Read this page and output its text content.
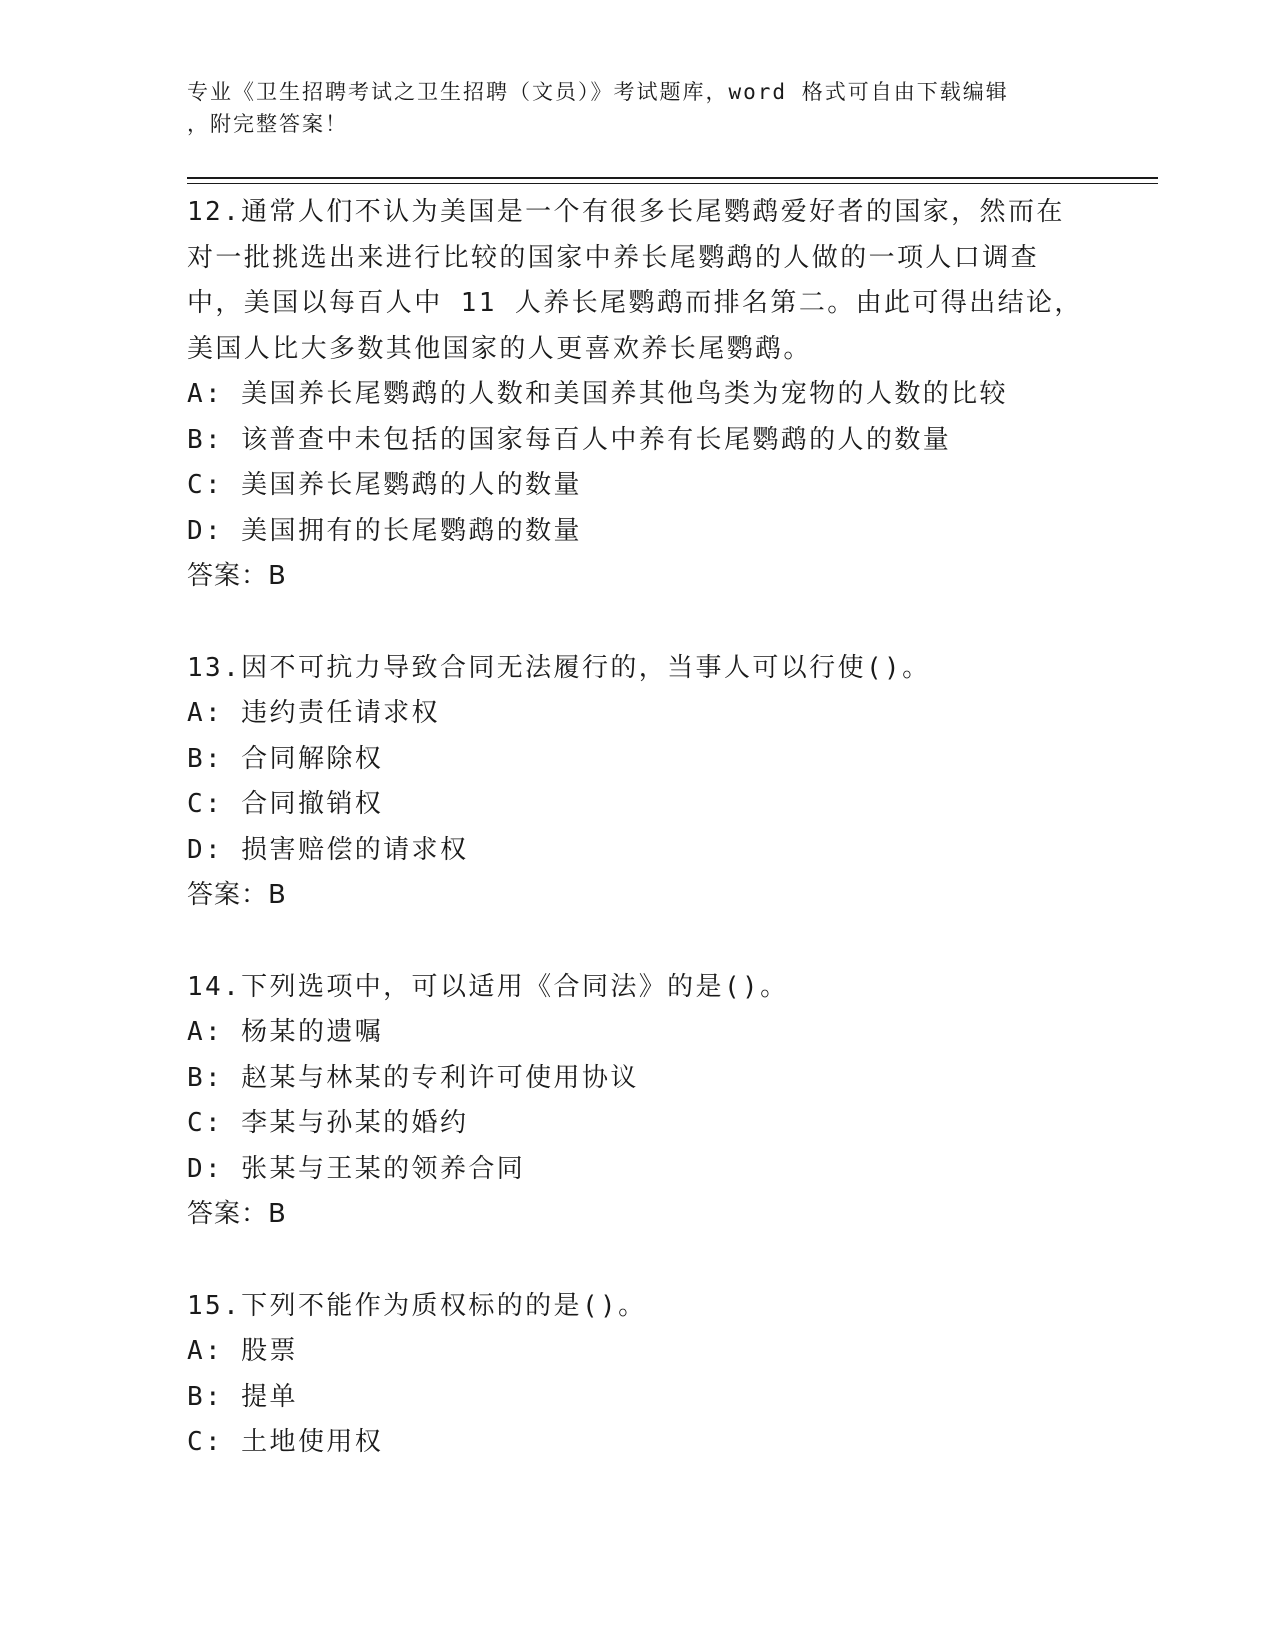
专业《卫生招聘考试之卫生招聘（文员）》考试题库，word 格式可自由下载编辑
，附完整答案！
12.通常人们不认为美国是一个有很多长尾鹦鹉爱好者的国家，然而在
对一批挑选出来进行比较的国家中养长尾鹦鹉的人做的一项人口调查
中，美国以每百人中 11 人养长尾鹦鹉而排名第二。由此可得出结论，
美国人比大多数其他国家的人更喜欢养长尾鹦鹉。
A: 美国养长尾鹦鹉的人数和美国养其他鸟类为宠物的人数的比较
B: 该普查中未包括的国家每百人中养有长尾鹦鹉的人的数量
C: 美国养长尾鹦鹉的人的数量
D: 美国拥有的长尾鹦鹉的数量
答案：B
13.因不可抗力导致合同无法履行的，当事人可以行使()。
A: 违约责任请求权
B: 合同解除权
C: 合同撤销权
D: 损害赔偿的请求权
答案：B
14.下列选项中，可以适用《合同法》的是()。
A: 杨某的遗嘱
B: 赵某与林某的专利许可使用协议
C: 李某与孙某的婚约
D: 张某与王某的领养合同
答案：B
15.下列不能作为质权标的的是()。
A: 股票
B: 提单
C: 土地使用权
